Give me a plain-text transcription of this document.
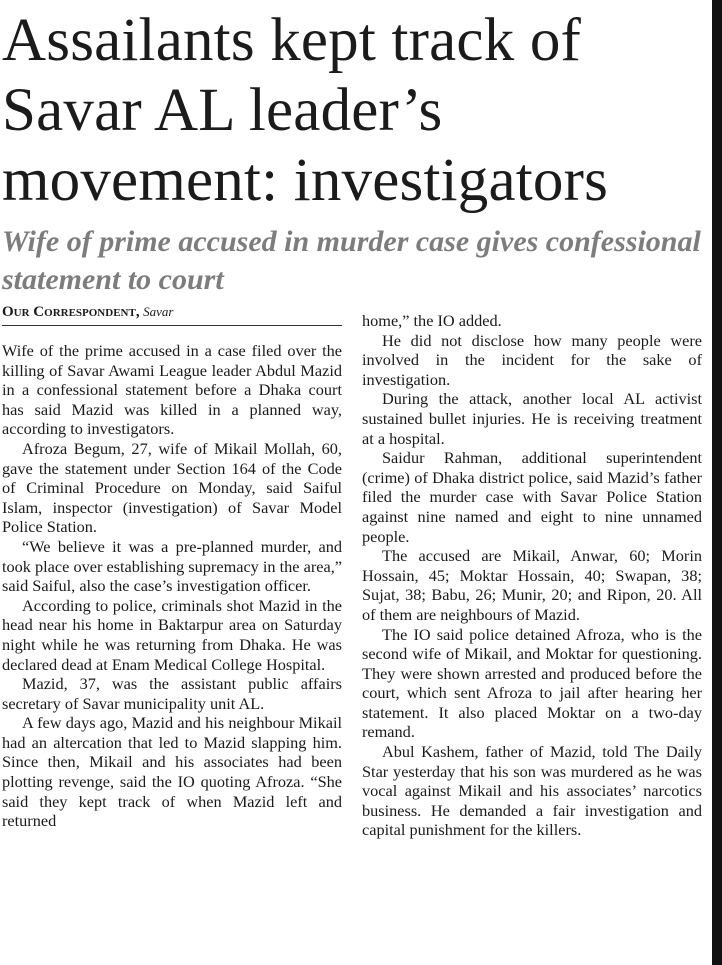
Assailants kept track of Savar AL leader’s movement: investigators
Wife of prime accused in murder case gives confessional statement to court
Our Correspondent, Savar

Wife of the prime accused in a case filed over the killing of Savar Awami League leader Abdul Mazid in a confessional statement before a Dhaka court has said Mazid was killed in a planned way, according to investigators.

Afroza Begum, 27, wife of Mikail Mollah, 60, gave the statement under Section 164 of the Code of Criminal Procedure on Monday, said Saiful Islam, inspector (investigation) of Savar Model Police Station.

“We believe it was a pre-planned murder, and took place over establishing supremacy in the area,” said Saiful, also the case’s investigation officer.

According to police, criminals shot Mazid in the head near his home in Baktarpur area on Saturday night while he was returning from Dhaka. He was declared dead at Enam Medical College Hospital.

Mazid, 37, was the assistant public affairs secretary of Savar municipality unit AL.

A few days ago, Mazid and his neighbour Mikail had an altercation that led to Mazid slapping him. Since then, Mikail and his associates had been plotting revenge, said the IO quoting Afroza. “She said they kept track of when Mazid left and returned

home,” the IO added.

He did not disclose how many people were involved in the incident for the sake of investigation.

During the attack, another local AL activist sustained bullet injuries. He is receiving treatment at a hospital.

Saidur Rahman, additional superintendent (crime) of Dhaka district police, said Mazid’s father filed the murder case with Savar Police Station against nine named and eight to nine unnamed people.

The accused are Mikail, Anwar, 60; Morin Hossain, 45; Moktar Hossain, 40; Swapan, 38; Sujat, 38; Babu, 26; Munir, 20; and Ripon, 20. All of them are neighbours of Mazid.

The IO said police detained Afroza, who is the second wife of Mikail, and Moktar for questioning. They were shown arrested and produced before the court, which sent Afroza to jail after hearing her statement. It also placed Moktar on a two-day remand.

Abul Kashem, father of Mazid, told The Daily Star yesterday that his son was murdered as he was vocal against Mikail and his associates’ narcotics business. He demanded a fair investigation and capital punishment for the killers.
